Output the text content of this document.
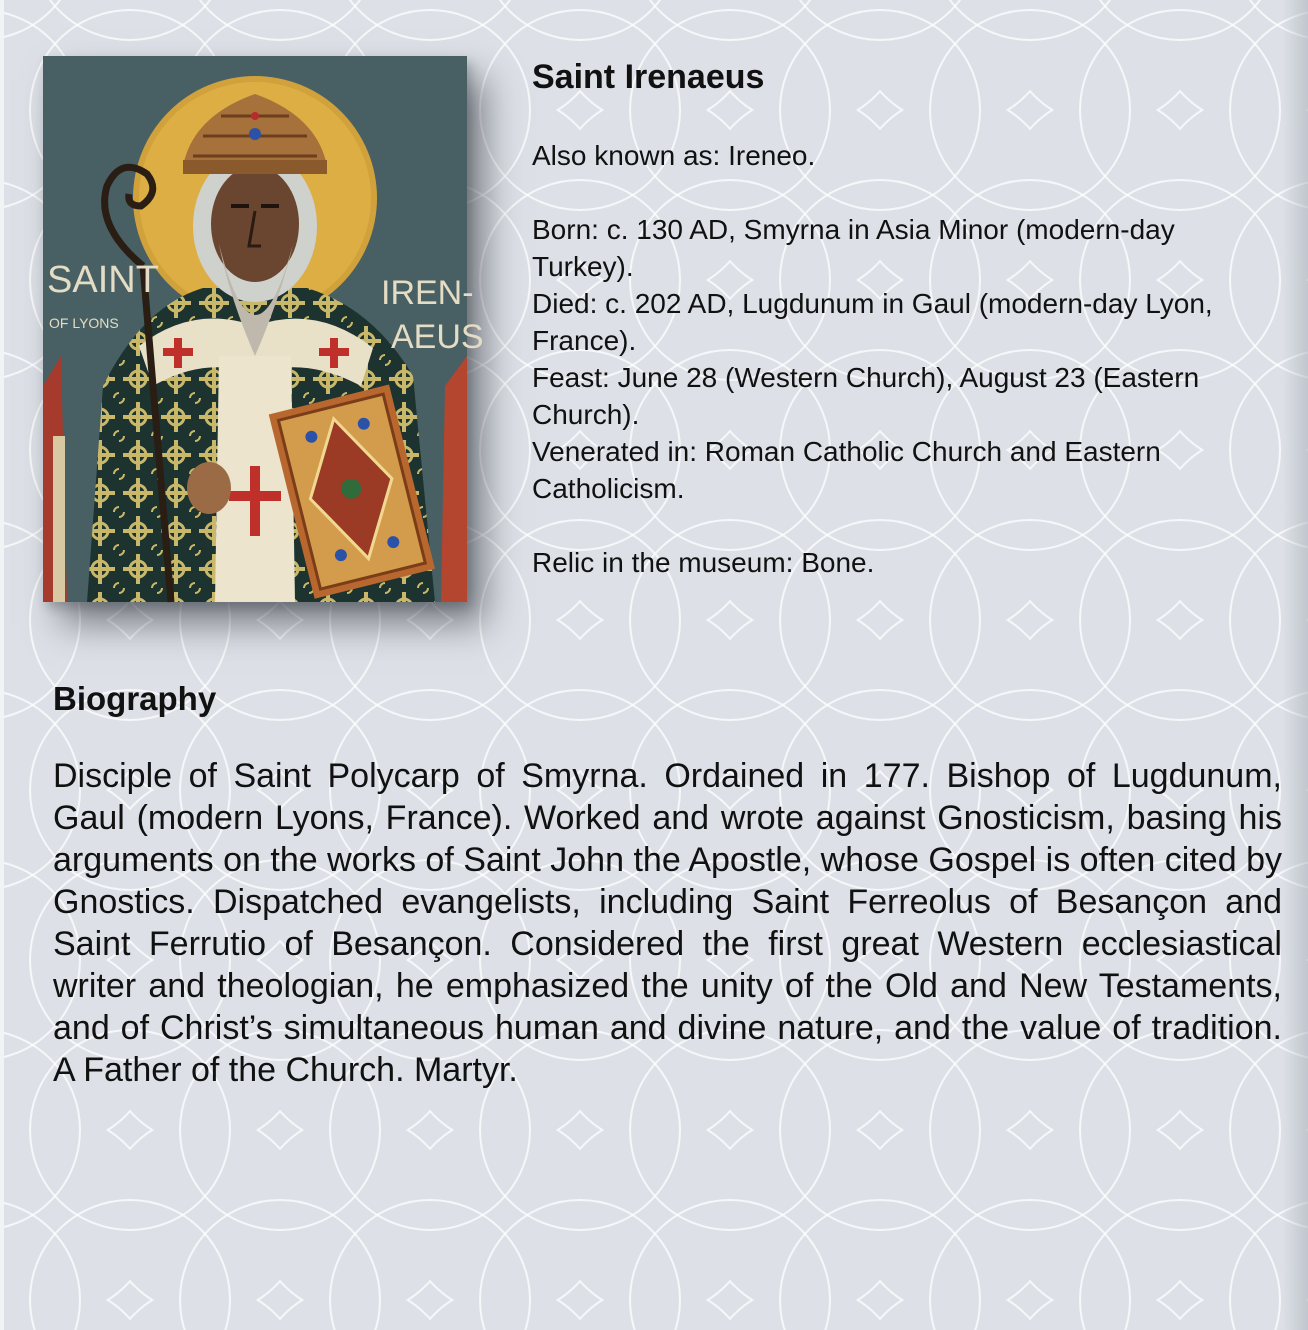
SAINT
OF LYONS
IREN-
AEUS
Saint Irenaeus

Also known as: Ireneo.

Born: c. 130 AD, Smyrna in Asia Minor (modern-day Turkey).

Died: c. 202 AD, Lugdunum in Gaul (modern-day Lyon, France).

Feast: June 28 (Western Church), August 23 (Eastern Church).

Venerated in: Roman Catholic Church and Eastern Catholicism.

Relic in the museum: Bone.

Biography

Disciple of Saint Polycarp of Smyrna. Ordained in 177. Bishop of Lugdunum, Gaul (modern Lyons, France). Worked and wrote against Gnosticism, basing his arguments on the works of Saint John the Apostle, whose Gospel is often cited by Gnostics. Dispatched evangelists, including Saint Ferreolus of Besançon and Saint Ferrutio of Besançon. Considered the first great Western ecclesiastical writer and theologian, he emphasized the unity of the Old and New Testaments, and of Christ’s simultaneous human and divine nature, and the value of tradition. A Father of the Church. Martyr.
